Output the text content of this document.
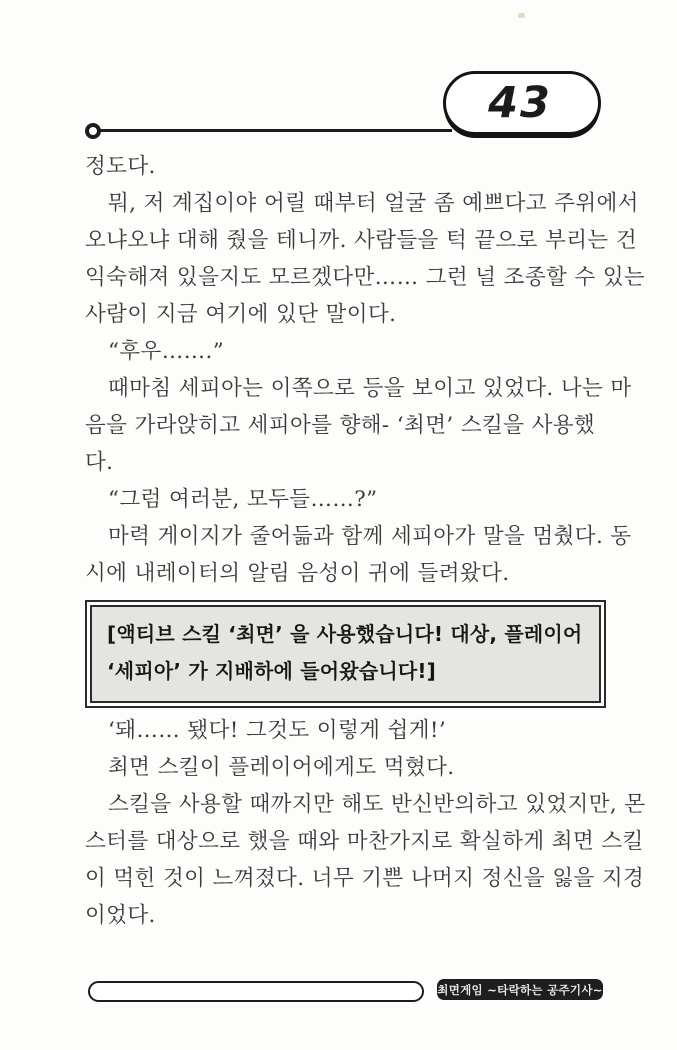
43
정도다.
뭐, 저 계집이야 어릴 때부터 얼굴 좀 예쁘다고 주위에서
오냐오냐 대해 줬을 테니까. 사람들을 턱 끝으로 부리는 건
익숙해져 있을지도 모르겠다만…… 그런 널 조종할 수 있는
사람이 지금 여기에 있단 말이다.
“후우…….”
때마침 세피아는 이쪽으로 등을 보이고 있었다. 나는 마
음을 가라앉히고 세피아를 향해- ‘최면’ 스킬을 사용했
다.
“그럼 여러분, 모두들……?”
마력 게이지가 줄어듦과 함께 세피아가 말을 멈췄다. 동
시에 내레이터의 알림 음성이 귀에 들려왔다.
[액티브 스킬 ‘최면’ 을 사용했습니다! 대상, 플레이어
‘세피아’ 가 지배하에 들어왔습니다!]
‘돼…… 됐다! 그것도 이렇게 쉽게!’
최면 스킬이 플레이어에게도 먹혔다.
스킬을 사용할 때까지만 해도 반신반의하고 있었지만, 몬
스터를 대상으로 했을 때와 마찬가지로 확실하게 최면 스킬
이 먹힌 것이 느껴졌다. 너무 기쁜 나머지 정신을 잃을 지경
이었다.
최면게임 ~타락하는 공주기사~
